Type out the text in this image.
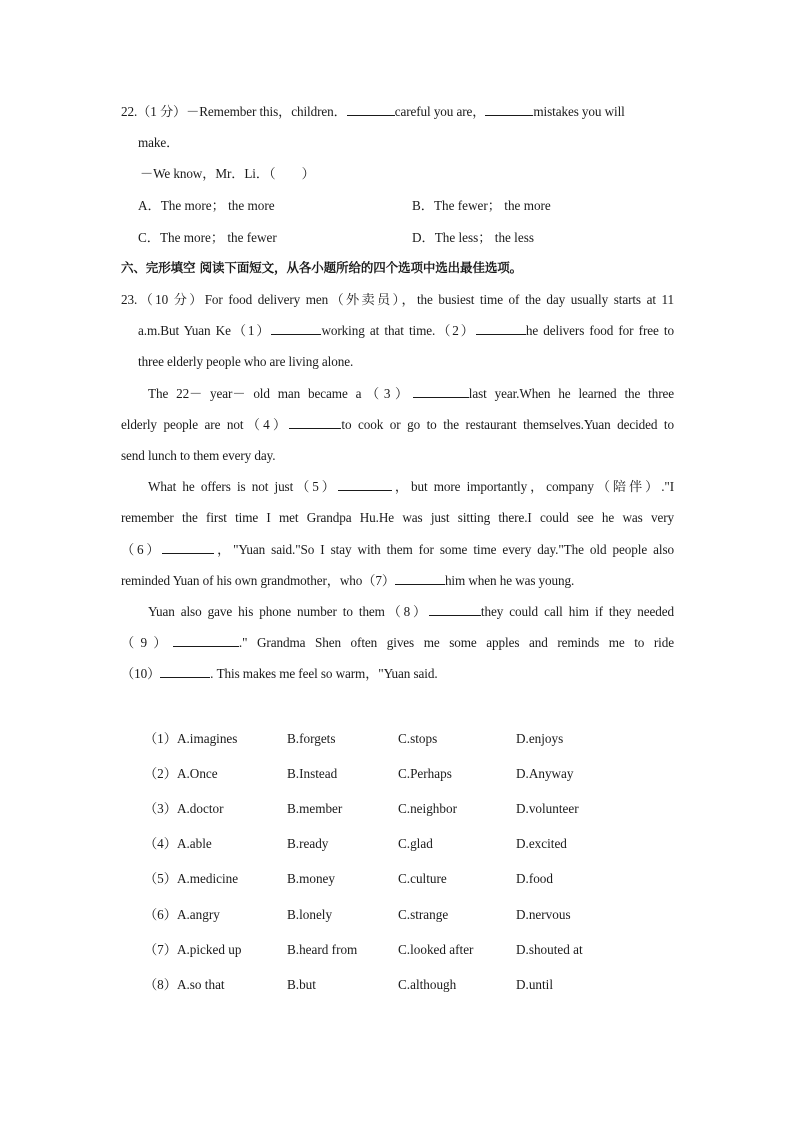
22.（1 分）－Remember this，children．	careful you are，	mistakes you will
make．
－We know，Mr．Li．（　　）
A．The more； the more	B．The fewer； the more
C．The more； the fewer	D．The less； the less
六、完形填空 阅读下面短文，从各小题所给的四个选项中选出最佳选项。
23.（10 分）For food delivery men（外卖员），the busiest time of the day usually starts at 11
a.m.But Yuan Ke（1）	working at that time.（2）	he delivers food for free to
three elderly people who are living alone.
The 22－ year－ old man became a（3）	last year.When he learned the three
elderly people are not（4）	to cook or go to the restaurant themselves.Yuan decided to
send lunch to them every day.
What he offers is not just（5）	，but more importantly，company（陪伴）."I
remember the first time I met Grandpa Hu.He was just sitting there.I could see he was very
（6）	，"Yuan said."So I stay with them for some time every day."The old people also
reminded Yuan of his own grandmother，who（7）	him when he was young.
Yuan also gave his phone number to them（8）	they could call him if they needed
（9）	." Grandma Shen often gives me some apples and reminds me to ride
（10）	. This makes me feel so warm，"Yuan said.
（1）A.imagines	B.forgets	C.stops	D.enjoys
（2）A.Once	B.Instead	C.Perhaps	D.Anyway
（3）A.doctor	B.member	C.neighbor	D.volunteer
（4）A.able	B.ready	C.glad	D.excited
（5）A.medicine	B.money	C.culture	D.food
（6）A.angry	B.lonely	C.strange	D.nervous
（7）A.picked up	B.heard from	C.looked after	D.shouted at
（8）A.so that	B.but	C.although	D.until
